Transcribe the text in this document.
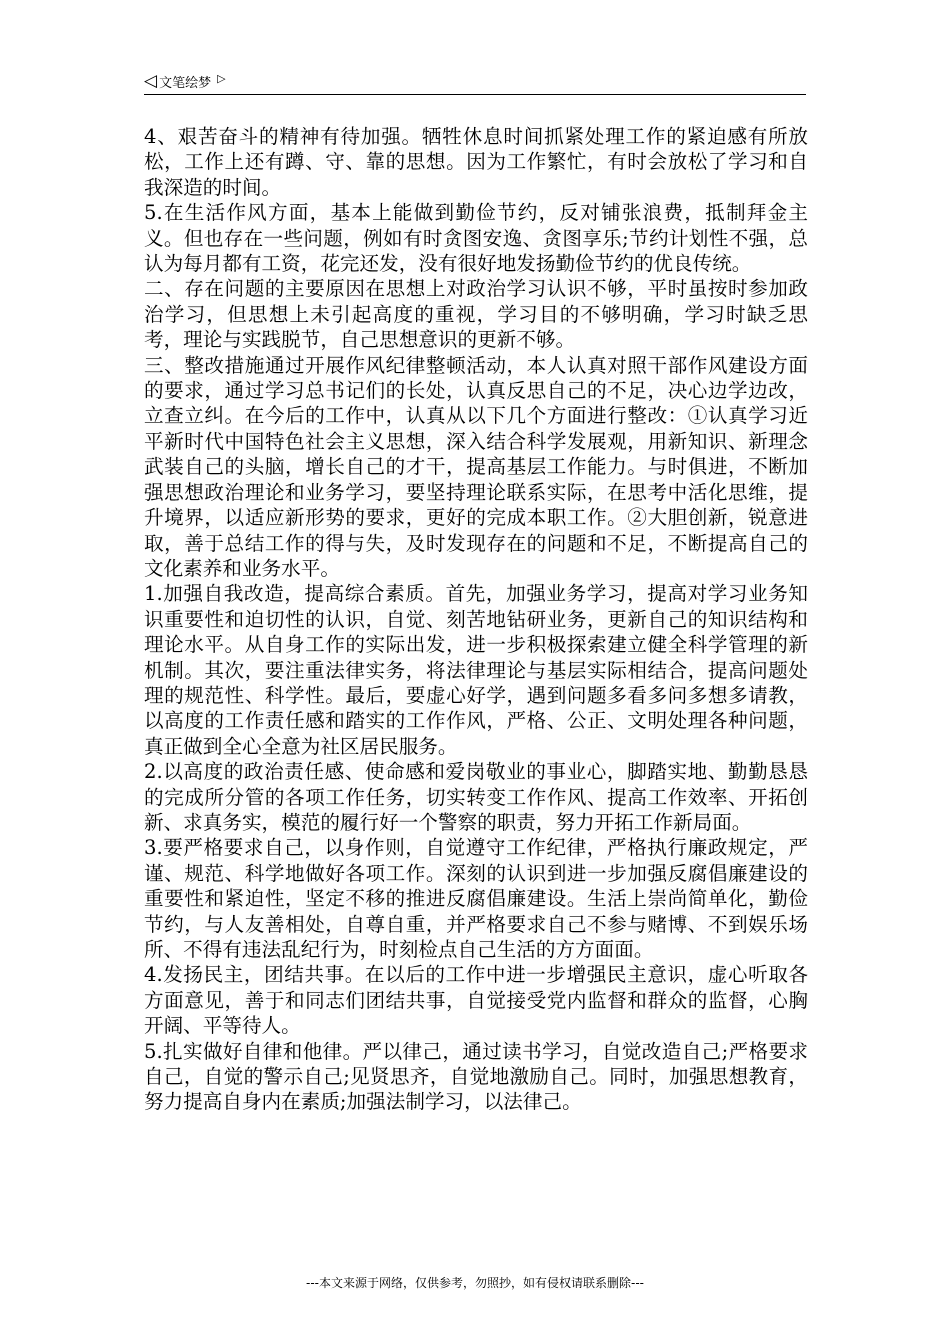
◁ 文笔绘梦 ▷

4、艰苦奋斗的精神有待加强。牺牲休息时间抓紧处理工作的紧迫感有所放松，工作上还有蹲、守、靠的思想。因为工作繁忙，有时会放松了学习和自我深造的时间。

5.在生活作风方面，基本上能做到勤俭节约，反对铺张浪费，抵制拜金主义。但也存在一些问题，例如有时贪图安逸、贪图享乐;节约计划性不强，总认为每月都有工资，花完还发，没有很好地发扬勤俭节约的优良传统。

二、存在问题的主要原因在思想上对政治学习认识不够，平时虽按时参加政治学习，但思想上未引起高度的重视，学习目的不够明确，学习时缺乏思考，理论与实践脱节，自己思想意识的更新不够。

三、整改措施通过开展作风纪律整顿活动，本人认真对照干部作风建设方面的要求，通过学习总书记们的长处，认真反思自己的不足，决心边学边改，立查立纠。在今后的工作中，认真从以下几个方面进行整改：①认真学习近平新时代中国特色社会主义思想，深入结合科学发展观，用新知识、新理念武装自己的头脑，增长自己的才干，提高基层工作能力。与时俱进，不断加强思想政治理论和业务学习，要坚持理论联系实际，在思考中活化思维，提升境界，以适应新形势的要求，更好的完成本职工作。②大胆创新，锐意进取，善于总结工作的得与失，及时发现存在的问题和不足，不断提高自己的文化素养和业务水平。

1.加强自我改造，提高综合素质。首先，加强业务学习，提高对学习业务知识重要性和迫切性的认识，自觉、刻苦地钻研业务，更新自己的知识结构和理论水平。从自身工作的实际出发，进一步积极探索建立健全科学管理的新机制。其次，要注重法律实务，将法律理论与基层实际相结合，提高问题处理的规范性、科学性。最后，要虚心好学，遇到问题多看多问多想多请教，以高度的工作责任感和踏实的工作作风，严格、公正、文明处理各种问题，真正做到全心全意为社区居民服务。

2.以高度的政治责任感、使命感和爱岗敬业的事业心，脚踏实地、勤勤恳恳的完成所分管的各项工作任务，切实转变工作作风、提高工作效率、开拓创新、求真务实，模范的履行好一个警察的职责，努力开拓工作新局面。

3.要严格要求自己，以身作则，自觉遵守工作纪律，严格执行廉政规定，严谨、规范、科学地做好各项工作。深刻的认识到进一步加强反腐倡廉建设的重要性和紧迫性，坚定不移的推进反腐倡廉建设。生活上崇尚简单化，勤俭节约，与人友善相处，自尊自重，并严格要求自己不参与赌博、不到娱乐场所、不得有违法乱纪行为，时刻检点自己生活的方方面面。

4.发扬民主，团结共事。在以后的工作中进一步增强民主意识，虚心听取各方面意见，善于和同志们团结共事，自觉接受党内监督和群众的监督，心胸开阔、平等待人。

5.扎实做好自律和他律。严以律己，通过读书学习，自觉改造自己;严格要求自己，自觉的警示自己;见贤思齐，自觉地激励自己。同时，加强思想教育，努力提高自身内在素质;加强法制学习，以法律己。

---本文来源于网络，仅供参考，勿照抄，如有侵权请联系删除---
